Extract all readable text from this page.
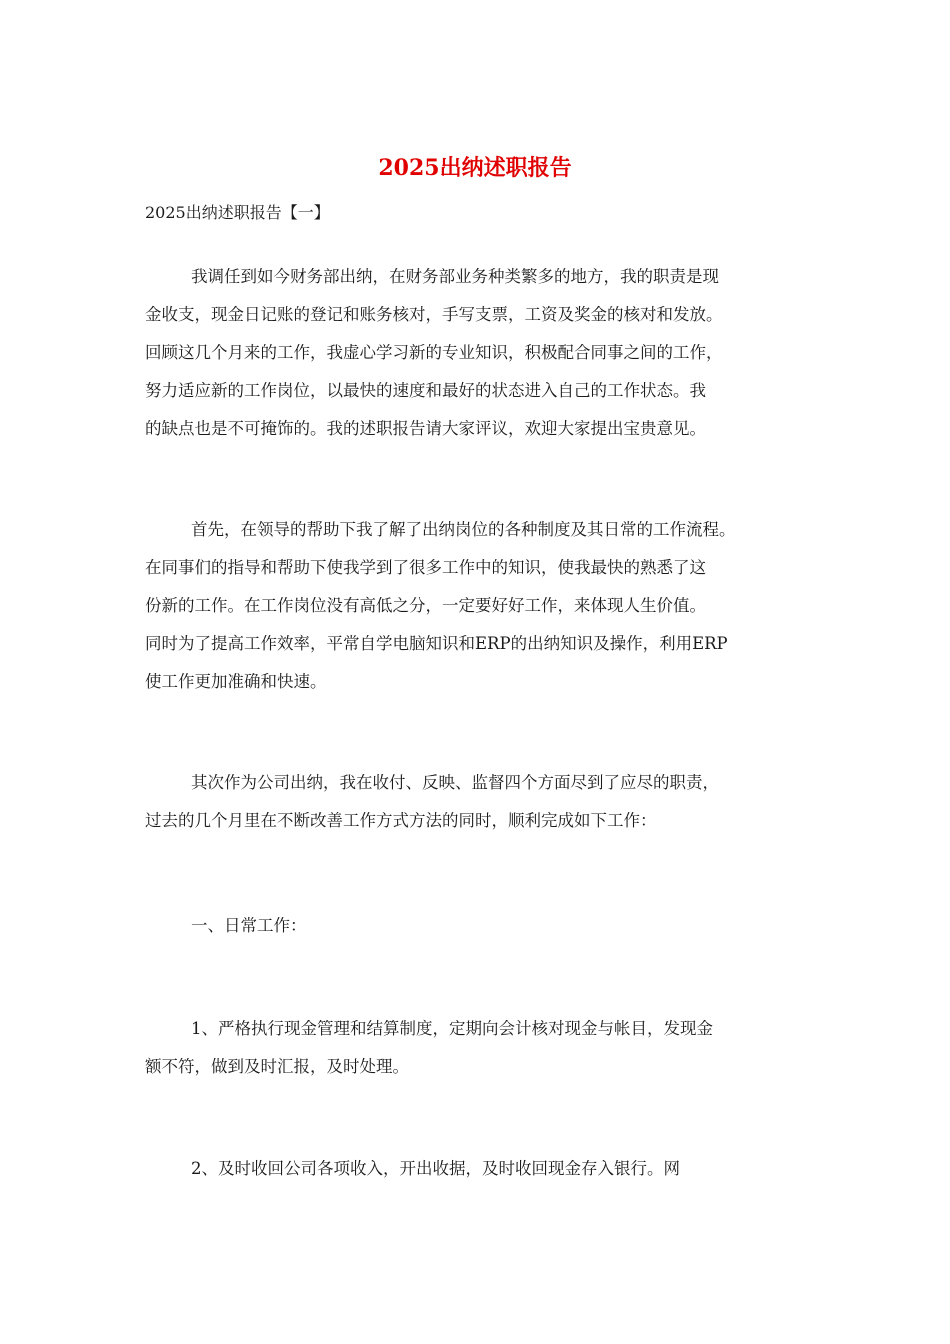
2025出纳述职报告
2025出纳述职报告【一】
我调任到如今财务部出纳，在财务部业务种类繁多的地方，我的职责是现
金收支，现金日记账的登记和账务核对，手写支票，工资及奖金的核对和发放。
回顾这几个月来的工作，我虚心学习新的专业知识，积极配合同事之间的工作，
努力适应新的工作岗位，以最快的速度和最好的状态进入自己的工作状态。我
的缺点也是不可掩饰的。我的述职报告请大家评议，欢迎大家提出宝贵意见。
首先，在领导的帮助下我了解了出纳岗位的各种制度及其日常的工作流程。
在同事们的指导和帮助下使我学到了很多工作中的知识，使我最快的熟悉了这
份新的工作。在工作岗位没有高低之分，一定要好好工作，来体现人生价值。
同时为了提高工作效率，平常自学电脑知识和ERP的出纳知识及操作，利用ERP
使工作更加准确和快速。
其次作为公司出纳，我在收付、反映、监督四个方面尽到了应尽的职责，
过去的几个月里在不断改善工作方式方法的同时，顺利完成如下工作：
一、日常工作：
1、严格执行现金管理和结算制度，定期向会计核对现金与帐目，发现金
额不符，做到及时汇报，及时处理。
2、及时收回公司各项收入，开出收据，及时收回现金存入银行。网
